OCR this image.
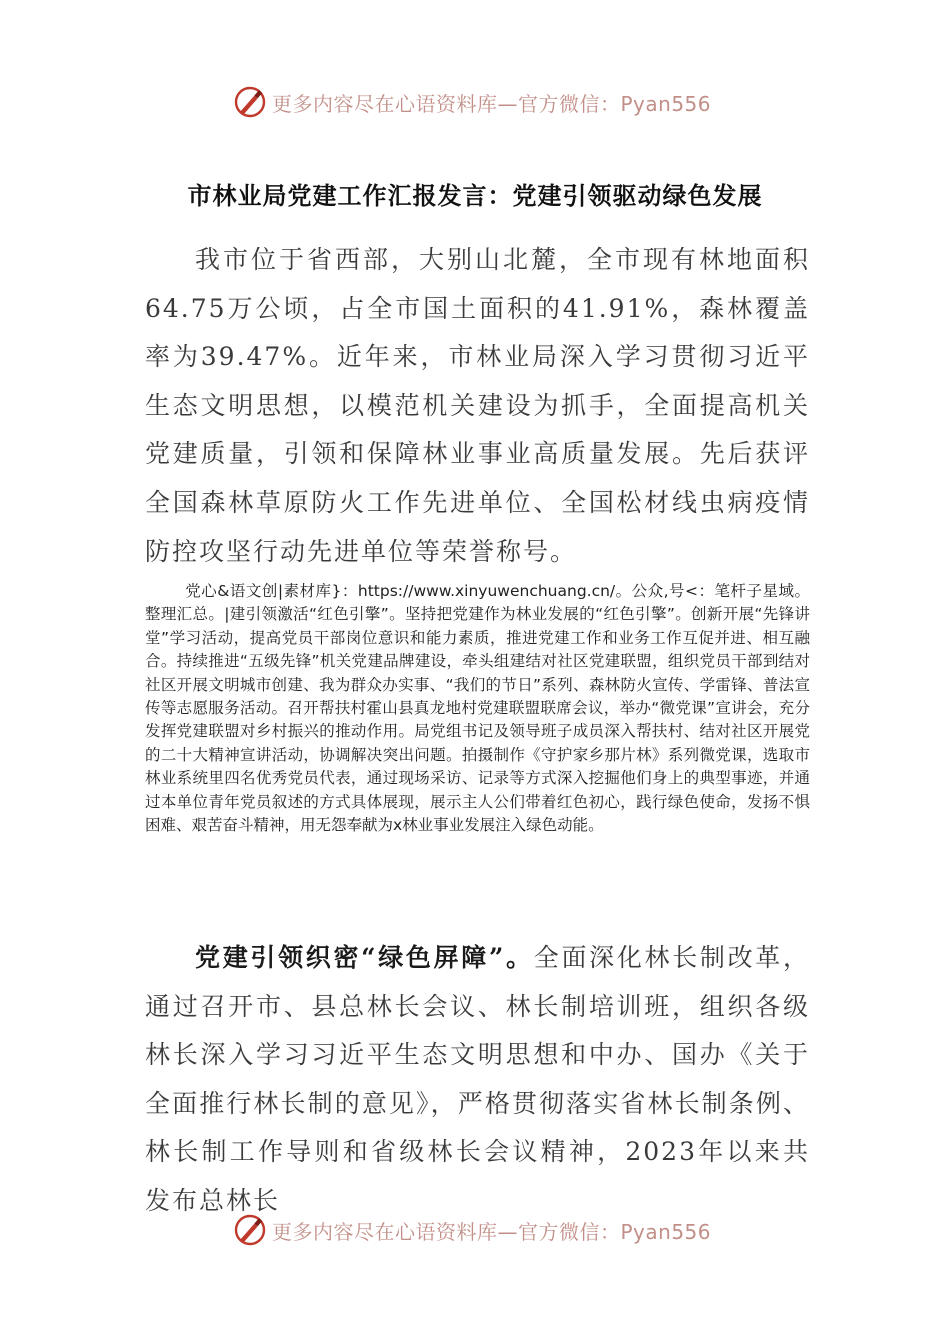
更多内容尽在心语资料库—官方微信：Pyan556
市林业局党建工作汇报发言：党建引领驱动绿色发展

我市位于省西部，大别山北麓，全市现有林地面积64.75万公顷，占全市国土面积的41.91%，森林覆盖率为39.47%。近年来，市林业局深入学习贯彻习近平生态文明思想，以模范机关建设为抓手，全面提高机关党建质量，引领和保障林业事业高质量发展。先后获评全国森林草原防火工作先进单位、全国松材线虫病疫情防控攻坚行动先进单位等荣誉称号。

党心&语文创|素材库}：https://www.xinyuwenchuang.cn/。公众,号<：笔杆子星域。整理汇总。|建引领激活“红色引擎”。坚持把党建作为林业发展的“红色引擎”。创新开展“先锋讲堂”学习活动，提高党员干部岗位意识和能力素质，推进党建工作和业务工作互促并进、相互融合。持续推进“五级先锋”机关党建品牌建设，牵头组建结对社区党建联盟，组织党员干部到结对社区开展文明城市创建、我为群众办实事、“我们的节日”系列、森林防火宣传、学雷锋、普法宣传等志愿服务活动。召开帮扶村霍山县真龙地村党建联盟联席会议，举办“微党课”宣讲会，充分发挥党建联盟对乡村振兴的推动作用。局党组书记及领导班子成员深入帮扶村、结对社区开展党的二十大精神宣讲活动，协调解决突出问题。拍摄制作《守护家乡那片林》系列微党课，选取市林业系统里四名优秀党员代表，通过现场采访、记录等方式深入挖掘他们身上的典型事迹，并通过本单位青年党员叙述的方式具体展现，展示主人公们带着红色初心，践行绿色使命，发扬不惧困难、艰苦奋斗精神，用无怨奉献为x林业事业发展注入绿色动能。

党建引领织密“绿色屏障”。全面深化林长制改革，通过召开市、县总林长会议、林长制培训班，组织各级林长深入学习习近平生态文明思想和中办、国办《关于全面推行林长制的意见》，严格贯彻落实省林长制条例、林长制工作导则和省级林长会议精神，2023年以来共发布总林长

更多内容尽在心语资料库—官方微信：Pyan556
